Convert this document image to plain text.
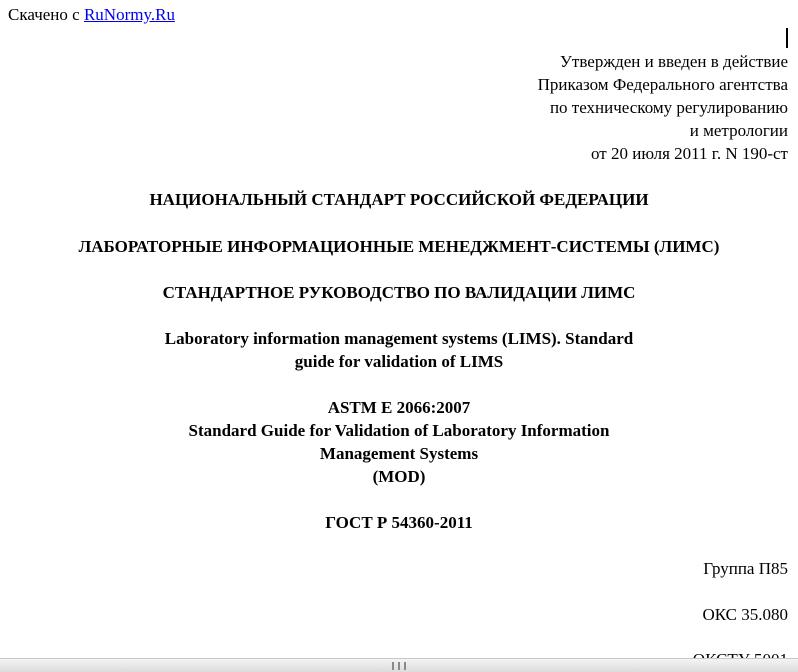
Скачено с RuNormy.Ru
Утвержден и введен в действие
Приказом Федерального агентства
по техническому регулированию
и метрологии
от 20 июля 2011 г. N 190-ст
НАЦИОНАЛЬНЫЙ СТАНДАРТ РОССИЙСКОЙ ФЕДЕРАЦИИ
ЛАБОРАТОРНЫЕ ИНФОРМАЦИОННЫЕ МЕНЕДЖМЕНТ-СИСТЕМЫ (ЛИМС)
СТАНДАРТНОЕ РУКОВОДСТВО ПО ВАЛИДАЦИИ ЛИМС
Laboratory information management systems (LIMS). Standard
guide for validation of LIMS
ASTM E 2066:2007
Standard Guide for Validation of Laboratory Information
Management Systems
(MOD)
ГОСТ Р 54360-2011
Группа П85
ОКС 35.080
